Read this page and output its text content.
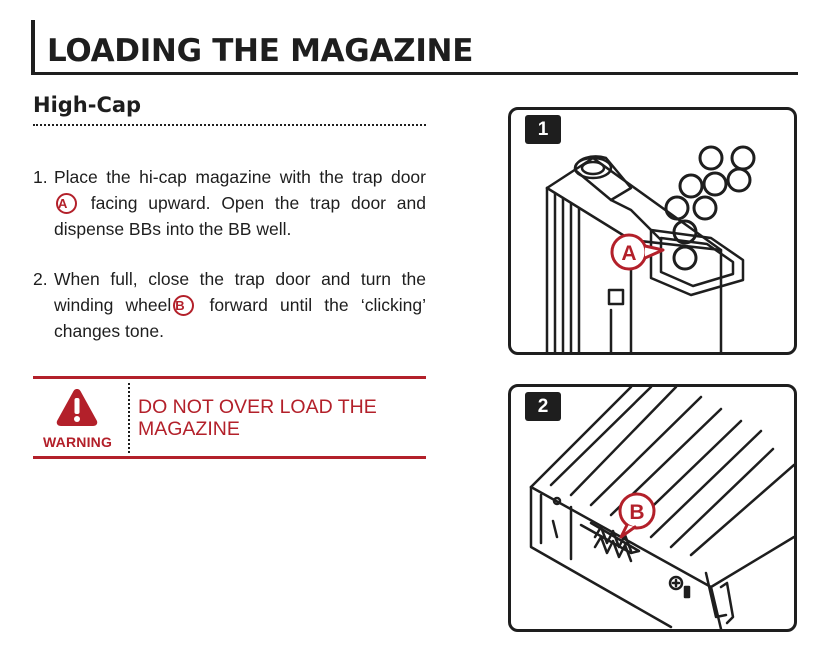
LOADING THE MAGAZINE
High-Cap
1. Place the hi-cap magazine with the trap doorA facing upward. Open the trap door and dispense BBs into the BB well.
2. When full, close the trap door and turn the winding wheel B forward until the ‘clicking’ changes tone.
WARNING
DO NOT OVER LOAD THE MAGAZINE
1
A
2
B
